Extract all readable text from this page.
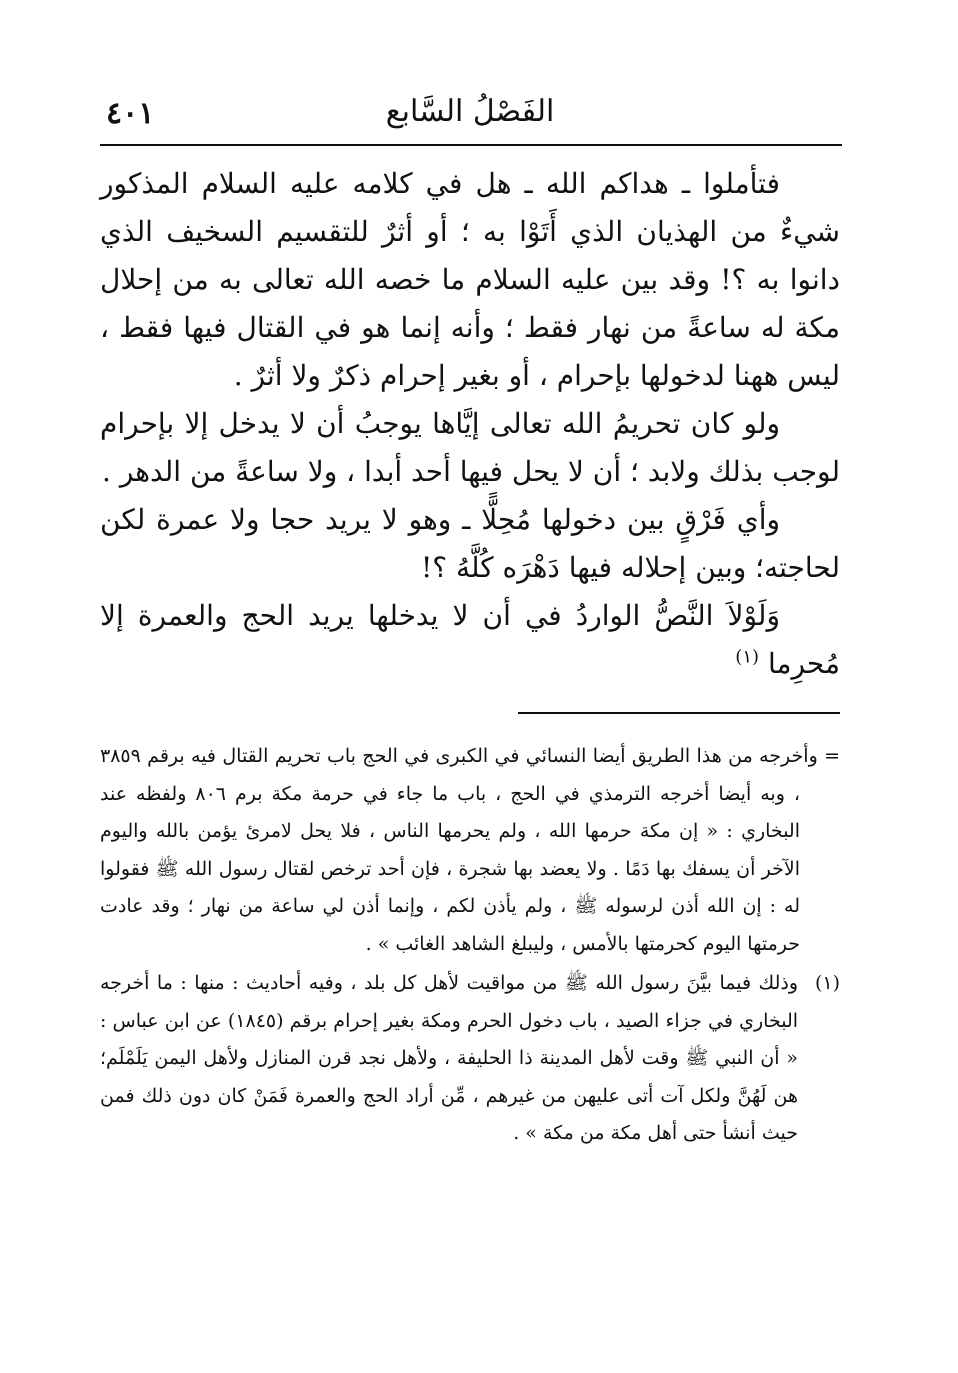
٤٠١	الفَصْلُ السَّابع

فتأملوا ـ هداكم الله ـ هل في كلامه عليه السلام المذكور شيءٌ من الهذيان الذي أَتَوْا به ؛ أو أثرٌ للتقسيم السخيف الذي دانوا به ؟! وقد بين عليه السلام ما خصه الله تعالى به من إحلال مكة له ساعةً من نهار فقط ؛ وأنه إنما هو في القتال فيها فقط ، ليس ههنا لدخولها بإحرام ، أو بغير إحرام ذكرٌ ولا أثرٌ .

ولو كان تحريمُ الله تعالى إيَّاها يوجبُ أن لا يدخل إلا بإحرام لوجب بذلك ولابد ؛ أن لا يحل فيها أحد أبدا ، ولا ساعةً من الدهر .

وأي فَرْقٍ بين دخولها مُحِلًّا ـ وهو لا يريد حجا ولا عمرة لكن لحاجته؛ وبين إحلاله فيها دَهْرَه كُلَّهُ ؟!

وَلَوْلاَ النَّصُّ الواردُ في أن لا يدخلها يريد الحج والعمرة إلا مُحرِما $^{(١)}$

= وأخرجه من هذا الطريق أيضا النسائي في الكبرى في الحج باب تحريم القتال فيه برقم ٣٨٥٩ ، وبه أيضا أخرجه الترمذي في الحج ، باب ما جاء في حرمة مكة برم ٨٠٦ ولفظه عند البخاري : « إن مكة حرمها الله ، ولم يحرمها الناس ، فلا يحل لامرئ يؤمن بالله واليوم الآخر أن يسفك بها دَمًا . ولا يعضد بها شجرة ، فإن أحد ترخص لقتال رسول الله ﷺ فقولوا له : إن الله أذن لرسوله ﷺ ، ولم يأذن لكم ، وإنما أذن لي ساعة من نهار ؛ وقد عادت حرمتها اليوم كحرمتها بالأمس ، وليبلغ الشاهد الغائب » .

(١)

وذلك فيما بيَّنَ رسول الله ﷺ من مواقيت لأهل كل بلد ، وفيه أحاديث : منها : ما أخرجه البخاري في جزاء الصيد ، باب دخول الحرم ومكة بغير إحرام برقم (١٨٤٥) عن ابن عباس : « أن النبي ﷺ وقت لأهل المدينة ذا الحليفة ، ولأهل نجد قرن المنازل ولأهل اليمن يَلَمْلَم؛ هن لَهُنَّ ولكل آت أتى عليهن من غيرهم ، مِّن أراد الحج والعمرة فَمَنْ كان دون ذلك فمن حيث أنشأ حتى أهل مكة من مكة » .
